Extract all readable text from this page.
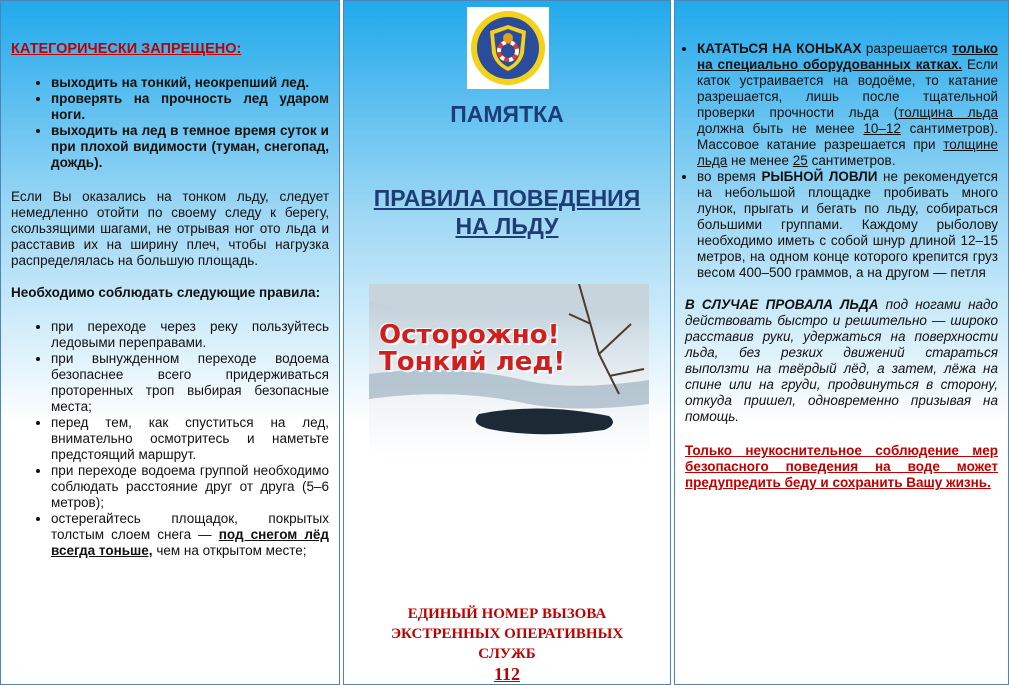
КАТЕГОРИЧЕСКИ ЗАПРЕЩЕНО:
• выходить на тонкий, неокрепший лед.
• проверять на прочность лед ударом ноги.
• выходить на лед в темное время суток и при плохой видимости (туман, снегопад, дождь).
Если Вы оказались на тонком льду, следует немедленно отойти по своему следу к берегу, скользящими шагами, не отрывая ног ото льда и расставив их на ширину плеч, чтобы нагрузка распределялась на большую площадь.
Необходимо соблюдать следующие правила:
• при переходе через реку пользуйтесь ледовыми переправами.
• при вынужденном переходе водоема безопаснее всего придерживаться проторенных троп выбирая безопасные места;
• перед тем, как спуститься на лед, внимательно осмотритесь и наметьте предстоящий маршрут.
• при переходе водоема группой необходимо соблюдать расстояние друг от друга (5–6 метров);
• остерегайтесь площадок, покрытых толстым слоем снега — под снегом лёд всегда тоньше, чем на открытом месте;
ПАМЯТКА
ПРАВИЛА ПОВЕДЕНИЯ НА ЛЬДУ
Осторожно!
Тонкий лед!
ЕДИНЫЙ НОМЕР ВЫЗОВА ЭКСТРЕННЫХ ОПЕРАТИВНЫХ СЛУЖБ
112
• КАТАТЬСЯ НА КОНЬКАХ разрешается только на специально оборудованных катках. Если каток устраивается на водоёме, то катание разрешается, лишь после тщательной проверки прочности льда (толщина льда должна быть не менее 10–12 сантиметров). Массовое катание разрешается при толщине льда не менее 25 сантиметров.
• во время РЫБНОЙ ЛОВЛИ не рекомендуется на небольшой площадке пробивать много лунок, прыгать и бегать по льду, собираться большими группами. Каждому рыболову необходимо иметь с собой шнур длиной 12–15 метров, на одном конце которого крепится груз весом 400–500 граммов, а на другом — петля
В СЛУЧАЕ ПРОВАЛА ЛЬДА под ногами надо действовать быстро и решительно — широко расставив руки, удержаться на поверхности льда, без резких движений стараться выползти на твёрдый лёд, а затем, лёжа на спине или на груди, продвинуться в сторону, откуда пришел, одновременно призывая на помощь.
Только неукоснительное соблюдение мер безопасного поведения на воде может предупредить беду и сохранить Вашу жизнь.
